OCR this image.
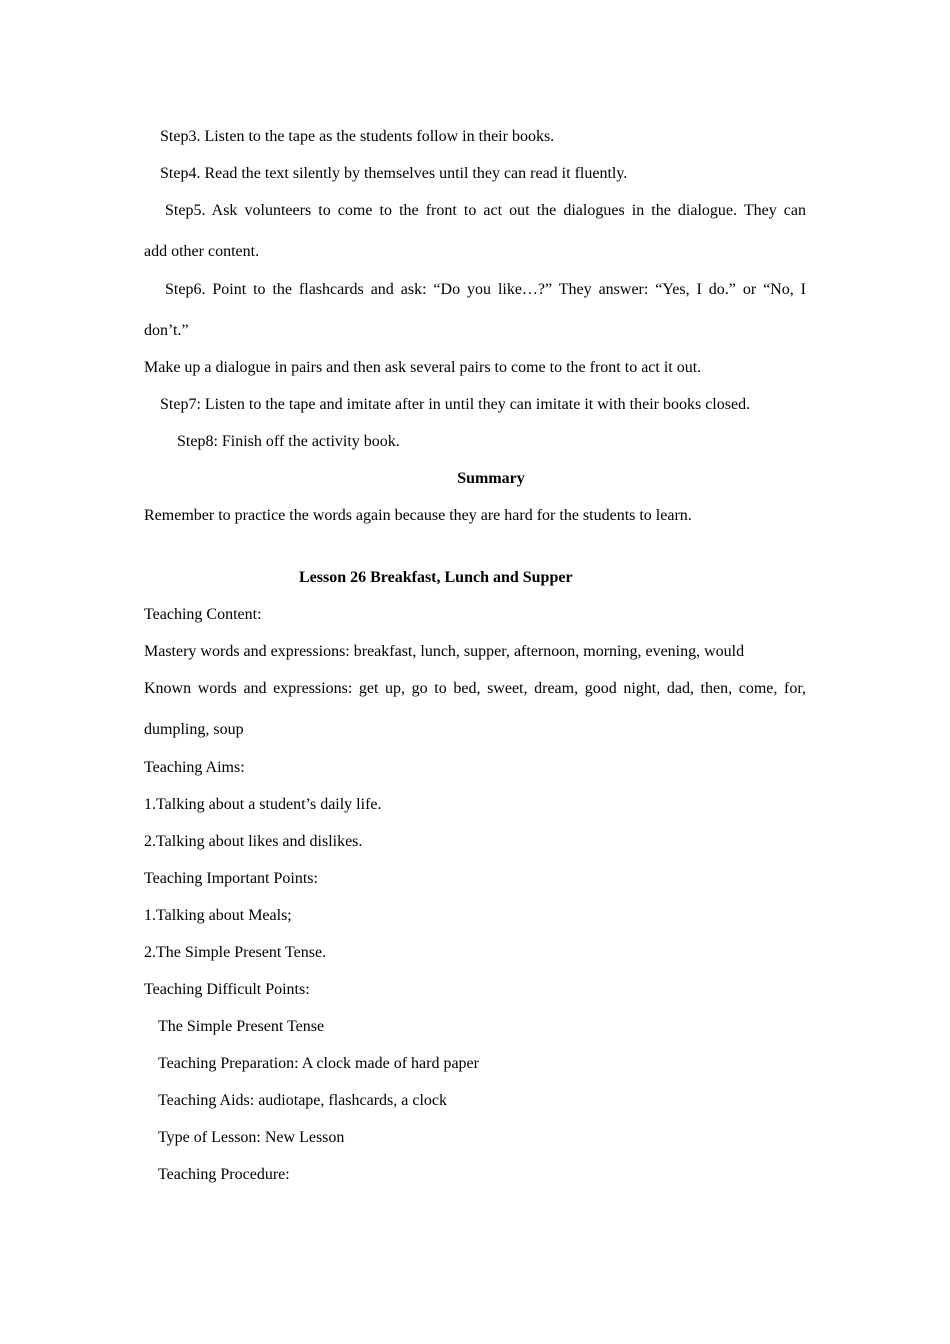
Step3. Listen to the tape as the students follow in their books.
Step4. Read the text silently by themselves until they can read it fluently.
Step5. Ask volunteers to come to the front to act out the dialogues in the dialogue. They can
add other content.
Step6. Point to the flashcards and ask: “Do you like…?” They answer: “Yes, I do.” or “No, I
don’t.”
Make up a dialogue in pairs and then ask several pairs to come to the front to act it out.
Step7: Listen to the tape and imitate after in until they can imitate it with their books closed.
Step8: Finish off the activity book.
Summary
Remember to practice the words again because they are hard for the students to learn.
Lesson 26 Breakfast, Lunch and Supper
Teaching Content:
Mastery words and expressions: breakfast, lunch, supper, afternoon, morning, evening, would
Known words and expressions: get up, go to bed, sweet, dream, good night, dad, then, come, for,
dumpling, soup
Teaching Aims:
1.Talking about a student’s daily life.
2.Talking about likes and dislikes.
Teaching Important Points:
1.Talking about Meals;
2.The Simple Present Tense.
Teaching Difficult Points:
The Simple Present Tense
Teaching Preparation: A clock made of hard paper
Teaching Aids: audiotape, flashcards, a clock
Type of Lesson: New Lesson
Teaching Procedure:
